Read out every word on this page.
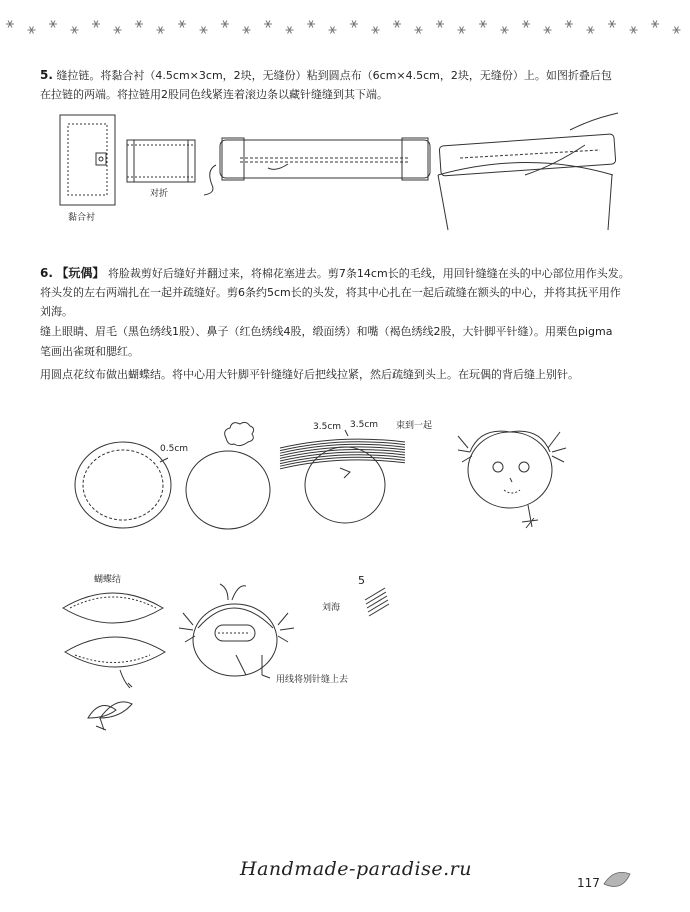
5. 缝拉链。将黏合衬（4.5cm×3cm，2块，无缝份）粘到圆点布（6cm×4.5cm，2块，无缝份）上。如图折叠后包
在拉链的两端。将拉链用2股同色线紧连着滚边条以藏针缝缝到其下端。
6. 【玩偶】 将脸裁剪好后缝好并翻过来，将棉花塞进去。剪7条14cm长的毛线，用回针缝缝在头的中心部位用作头发。
将头发的左右两端扎在一起并疏缝好。剪6条约5cm长的头发，将其中心扎在一起后疏缝在额头的中心，并将其抚平用作
刘海。
缝上眼睛、眉毛（黑色绣线1股）、鼻子（红色绣线4股，缎面绣）和嘴（褐色绣线2股，大针脚平针缝）。用栗色pigma
笔画出雀斑和腮红。
用圆点花纹布做出蝴蝶结。将中心用大针脚平针缝缝好后把线拉紧，然后疏缝到头上。在玩偶的背后缝上别针。
黏合衬
对折
0.5cm
3.5cm 3.5cm 束到一起
蝴蝶结	5
刘海
用线将别针缝上去
Handmade-paradise.ru
117
